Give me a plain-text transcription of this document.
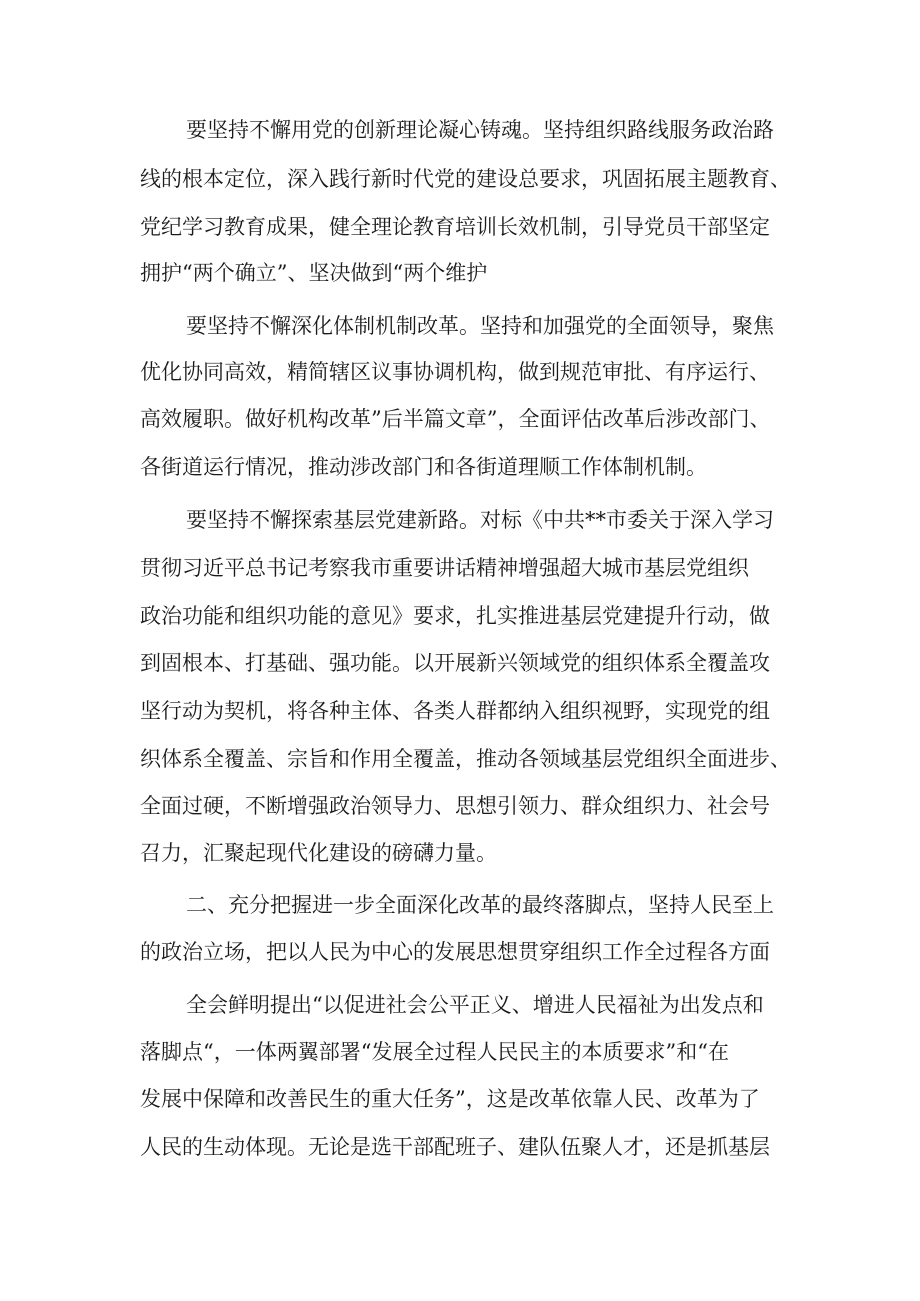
要坚持不懈用党的创新理论凝心铸魂。坚持组织路线服务政治路
线的根本定位，深入践行新时代党的建设总要求，巩固拓展主题教育、
党纪学习教育成果，健全理论教育培训长效机制，引导党员干部坚定
拥护“两个确立”、坚决做到“两个维护
要坚持不懈深化体制机制改革。坚持和加强党的全面领导，聚焦
优化协同高效，精简辖区议事协调机构，做到规范审批、有序运行、
高效履职。做好机构改革”后半篇文章”，全面评估改革后涉改部门、
各街道运行情况，推动涉改部门和各街道理顺工作体制机制。
要坚持不懈探索基层党建新路。对标《中共**市委关于深入学习
贯彻习近平总书记考察我市重要讲话精神增强超大城市基层党组织
政治功能和组织功能的意见》要求，扎实推进基层党建提升行动，做
到固根本、打基础、强功能。以开展新兴领域党的组织体系全覆盖攻
坚行动为契机，将各种主体、各类人群都纳入组织视野，实现党的组
织体系全覆盖、宗旨和作用全覆盖，推动各领域基层党组织全面进步、
全面过硬，不断增强政治领导力、思想引领力、群众组织力、社会号
召力，汇聚起现代化建设的磅礴力量。
二、充分把握进一步全面深化改革的最终落脚点，坚持人民至上
的政治立场，把以人民为中心的发展思想贯穿组织工作全过程各方面
全会鲜明提出“以促进社会公平正义、增进人民福祉为出发点和
落脚点“，一体两翼部署“发展全过程人民民主的本质要求”和“在
发展中保障和改善民生的重大任务”，这是改革依靠人民、改革为了
人民的生动体现。无论是选干部配班子、建队伍聚人才，还是抓基层
